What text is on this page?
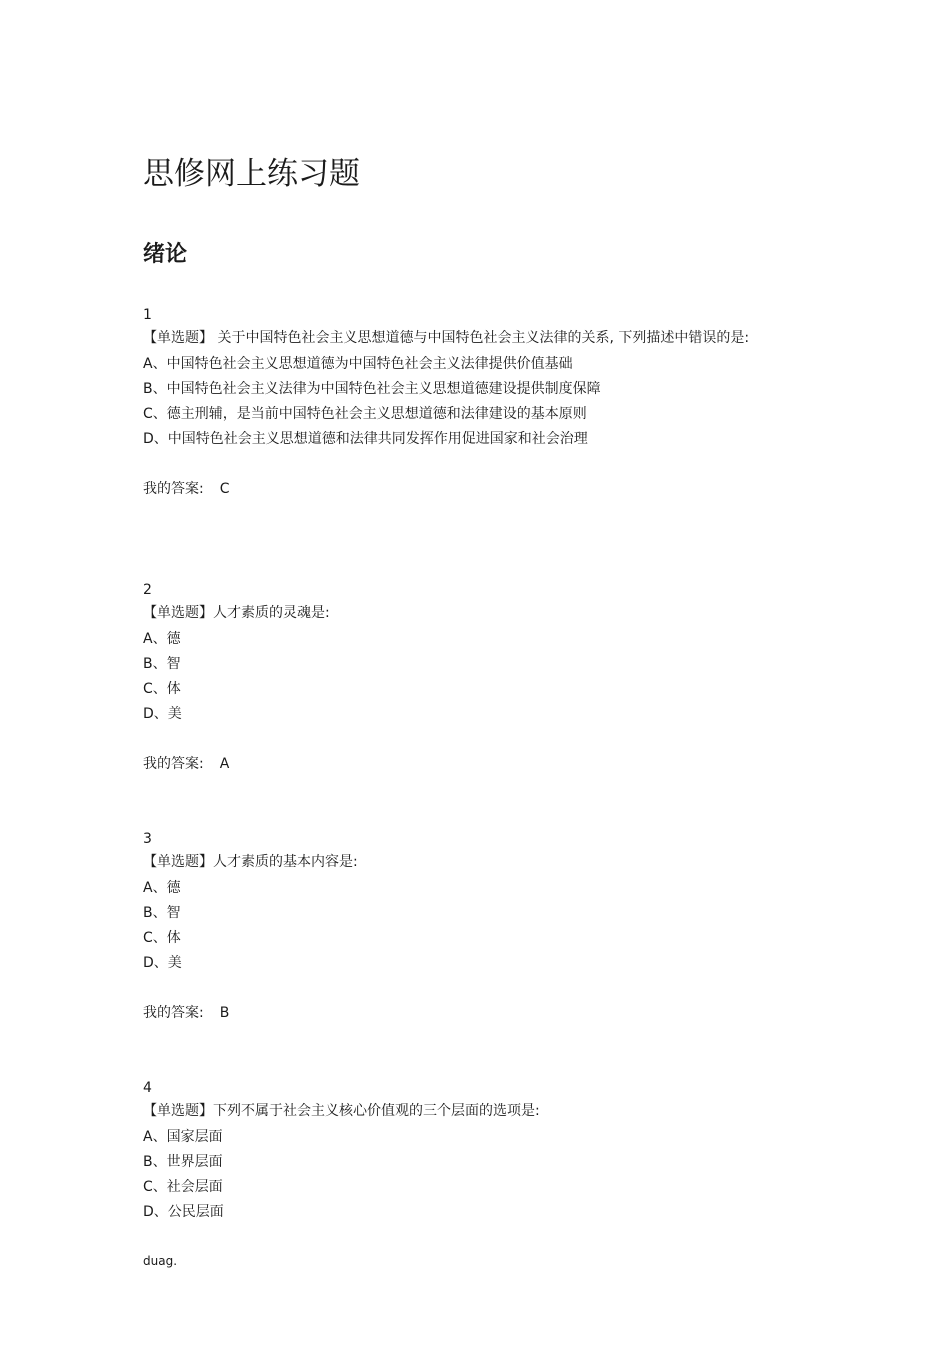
思修网上练习题
绪论
1
【单选题】 关于中国特色社会主义思想道德与中国特色社会主义法律的关系, 下列描述中错误的是:
A、中国特色社会主义思想道德为中国特色社会主义法律提供价值基础
B、中国特色社会主义法律为中国特色社会主义思想道德建设提供制度保障
C、德主刑辅，是当前中国特色社会主义思想道德和法律建设的基本原则
D、中国特色社会主义思想道德和法律共同发挥作用促进国家和社会治理
我的答案: C
2
【单选题】人才素质的灵魂是:
A、德
B、智
C、体
D、美
我的答案: A
3
【单选题】人才素质的基本内容是:
A、德
B、智
C、体
D、美
我的答案: B
4
【单选题】下列不属于社会主义核心价值观的三个层面的选项是:
A、国家层面
B、世界层面
C、社会层面
D、公民层面
duag.
